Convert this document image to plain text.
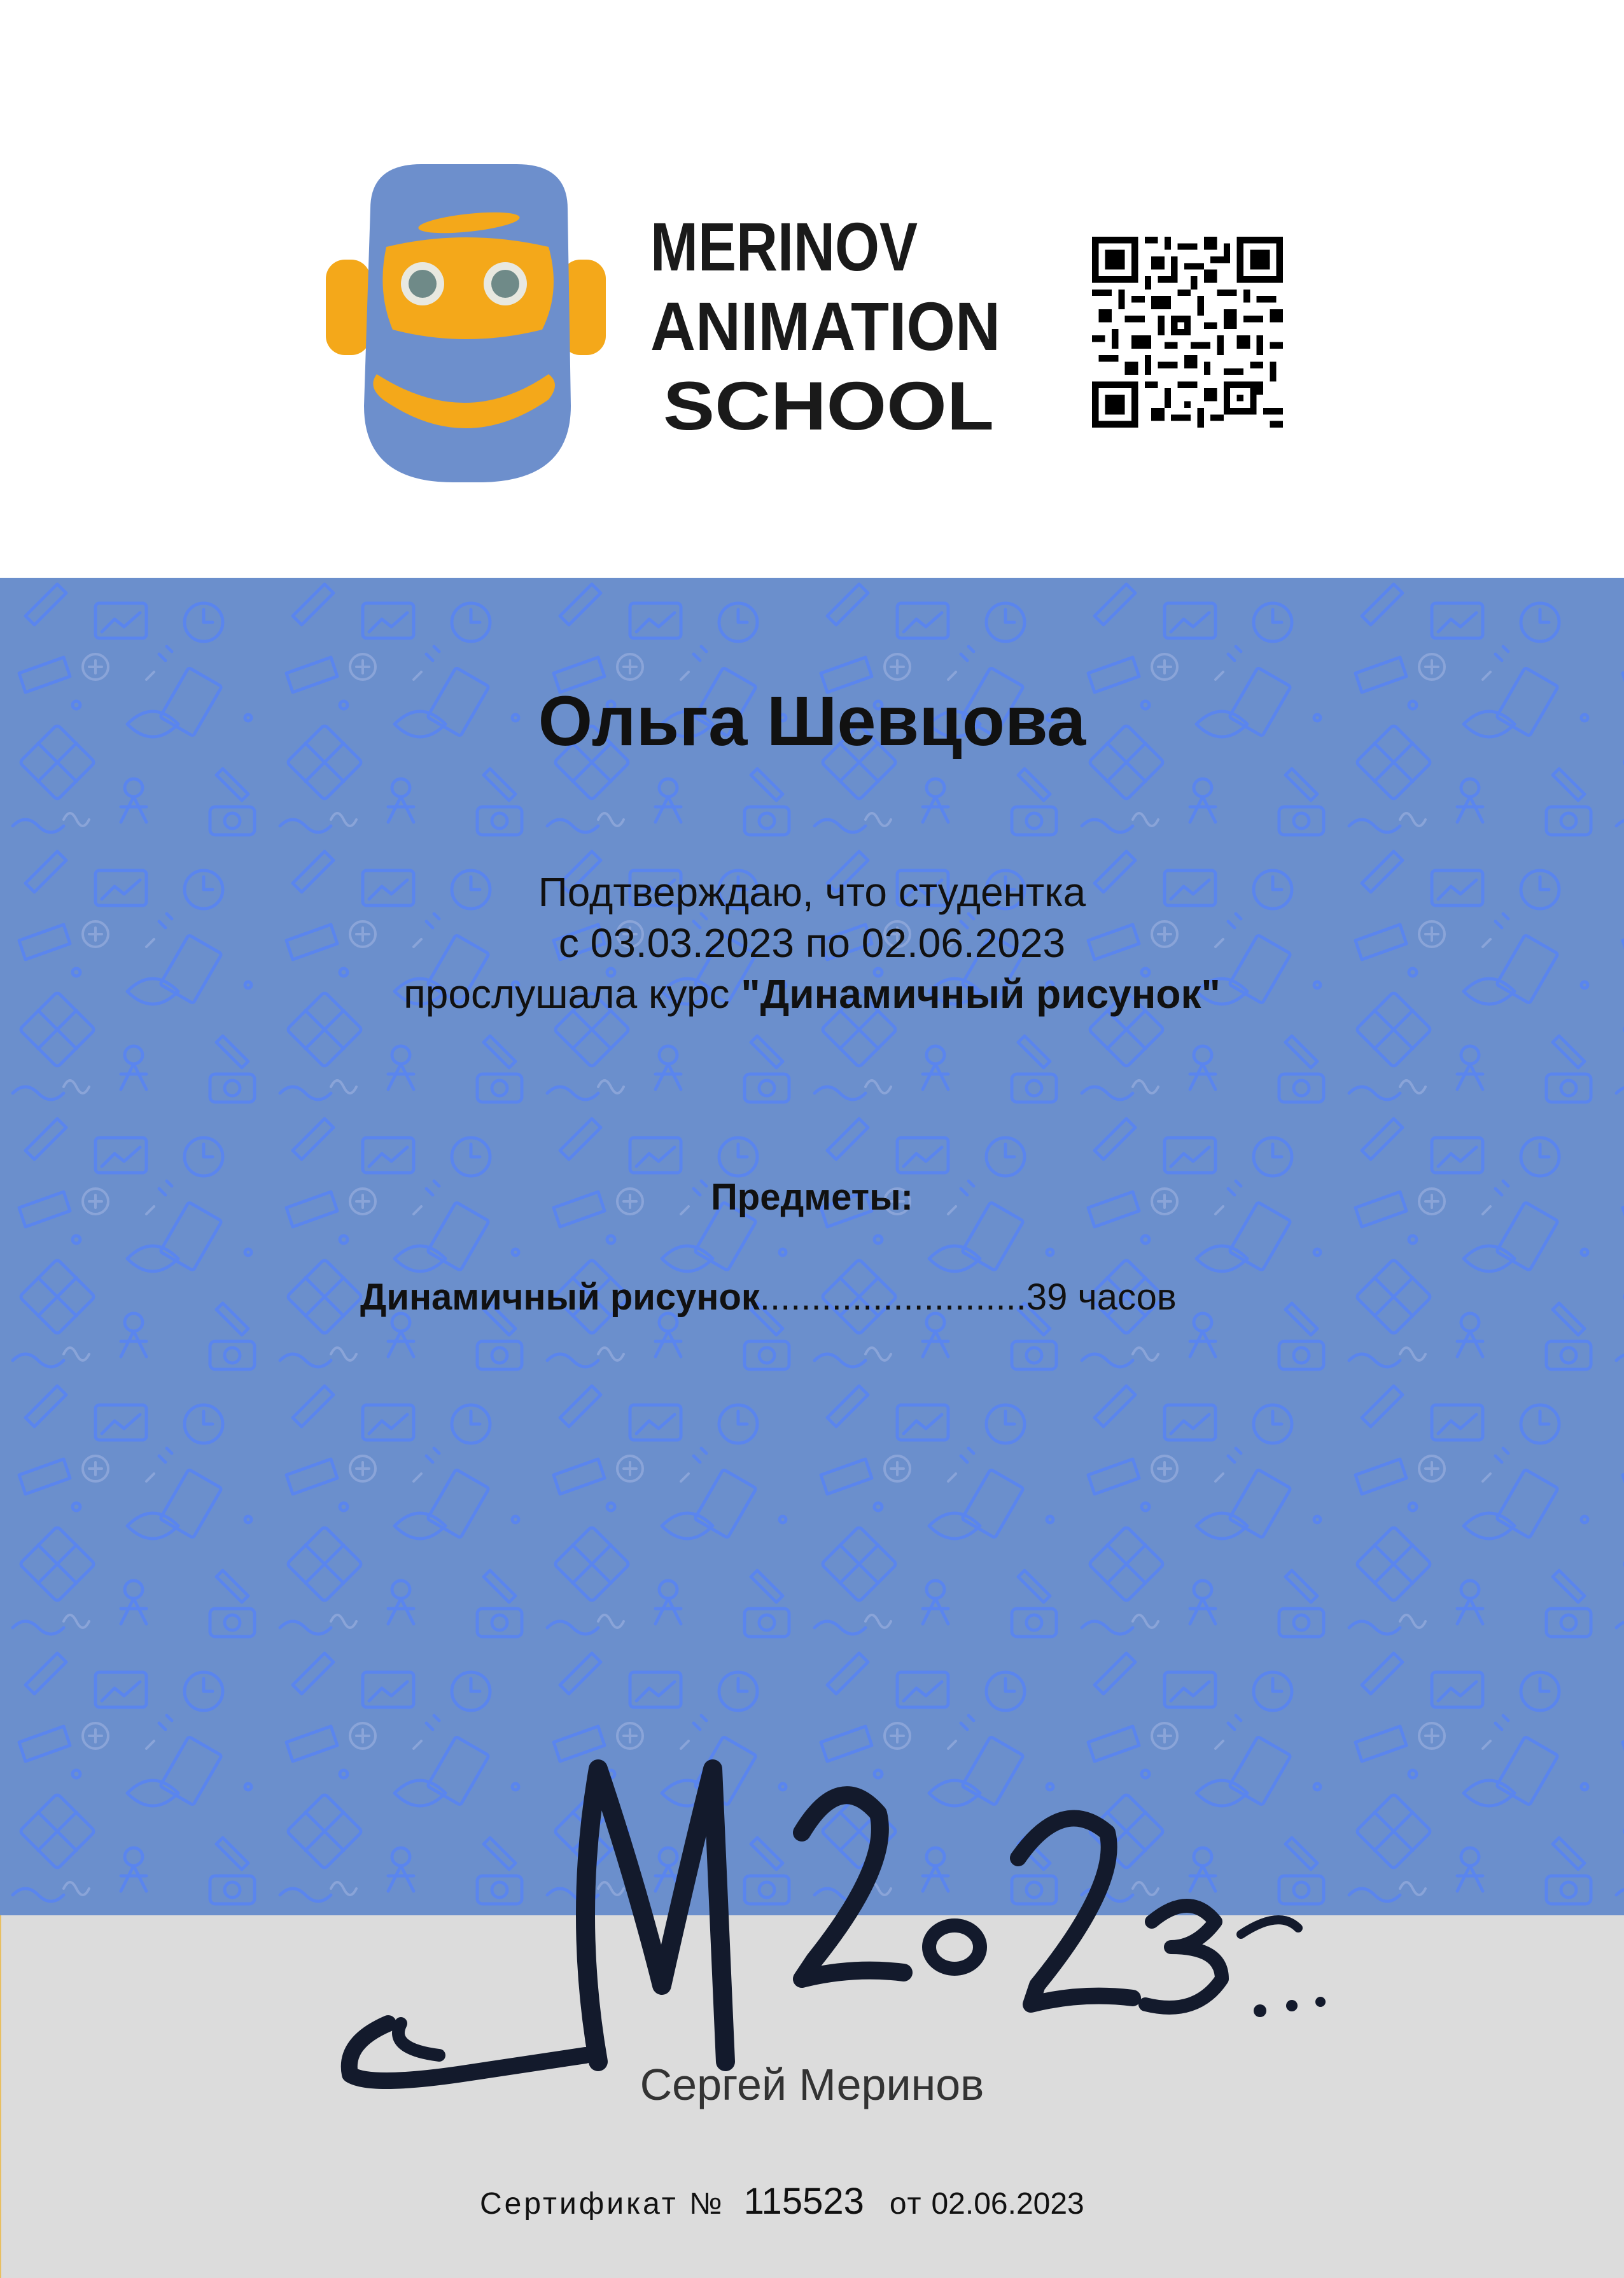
MERINOV
ANIMATION
SCHOOL
Ольга Шевцова
Подтверждаю, что студентка
с 03.03.2023 по 02.06.2023
прослушала курс "Динамичный рисунок"
Предметы:
Динамичный рисунок..........................39 часов
Сергей Меринов
Сертификат № 115523 от 02.06.2023
